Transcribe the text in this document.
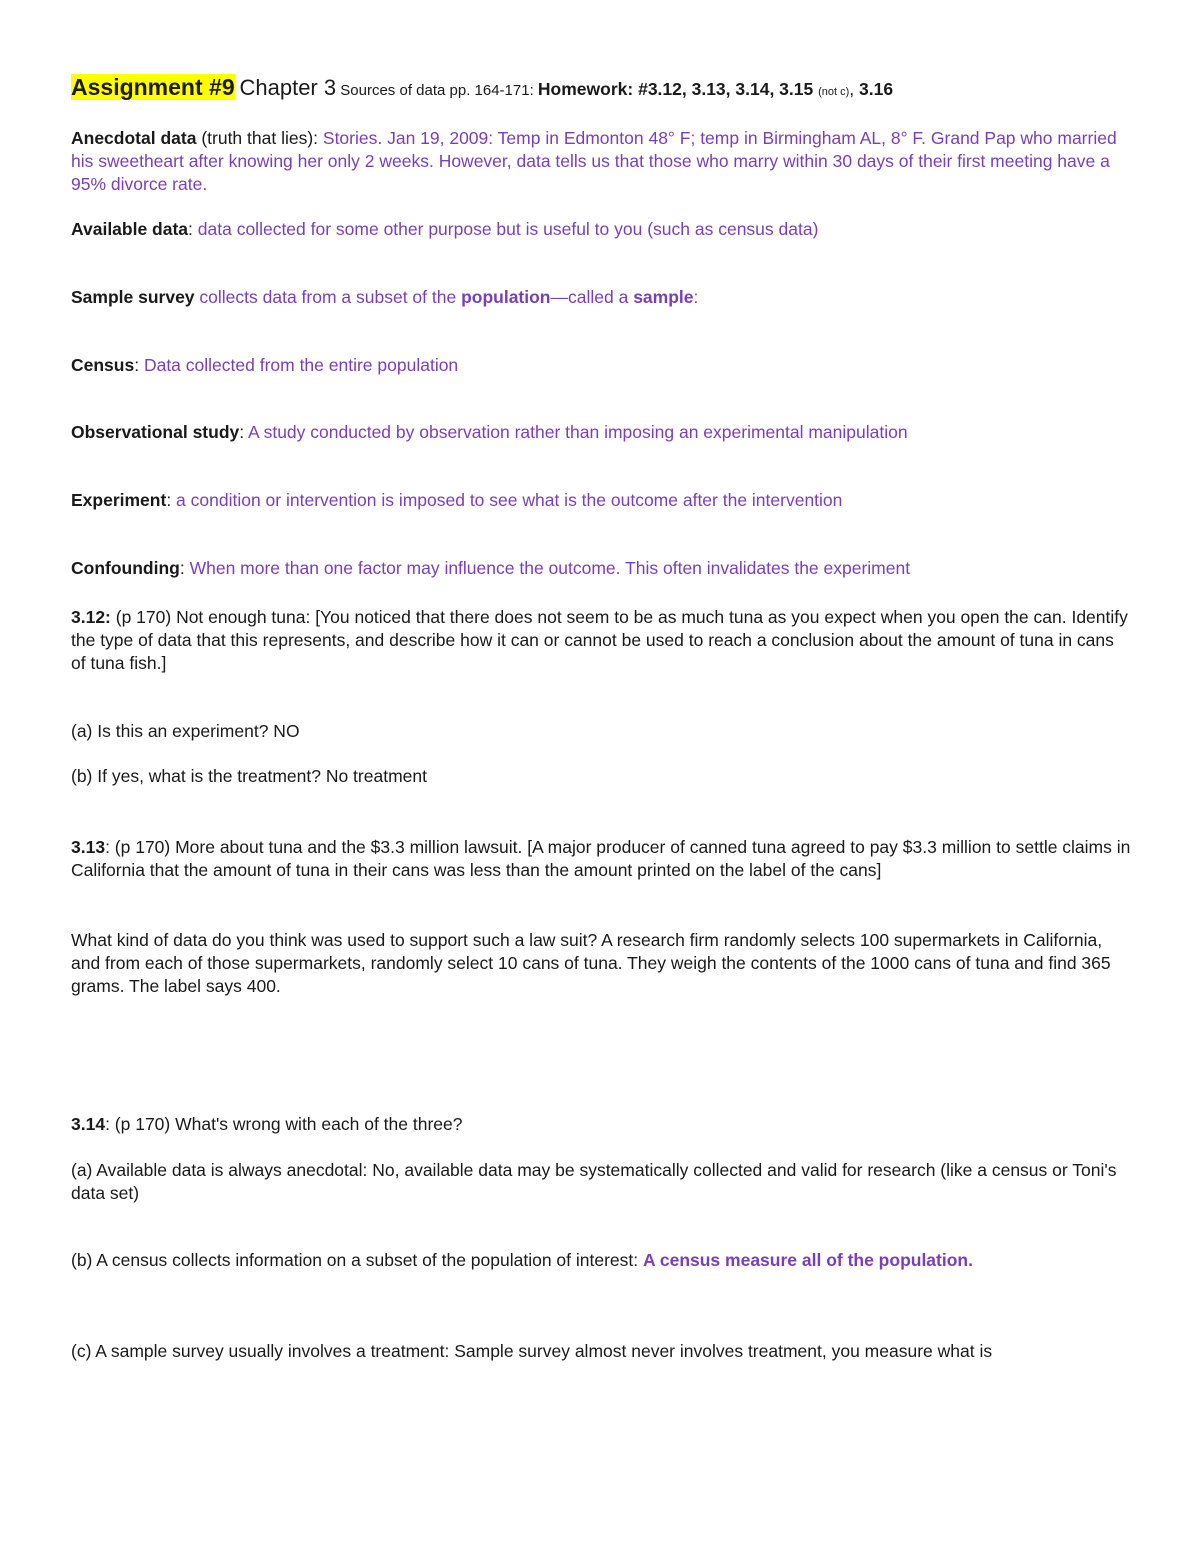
Assignment #9 Chapter 3 Sources of data pp. 164-171: Homework: #3.12, 3.13, 3.14, 3.15 (not c), 3.16
Anecdotal data (truth that lies): Stories. Jan 19, 2009: Temp in Edmonton 48° F; temp in Birmingham AL, 8° F. Grand Pap who married his sweetheart after knowing her only 2 weeks. However, data tells us that those who marry within 30 days of their first meeting have a 95% divorce rate.
Available data: data collected for some other purpose but is useful to you (such as census data)
Sample survey collects data from a subset of the population—called a sample:
Census: Data collected from the entire population
Observational study: A study conducted by observation rather than imposing an experimental manipulation
Experiment: a condition or intervention is imposed to see what is the outcome after the intervention
Confounding: When more than one factor may influence the outcome. This often invalidates the experiment
3.12: (p 170) Not enough tuna: [You noticed that there does not seem to be as much tuna as you expect when you open the can. Identify the type of data that this represents, and describe how it can or cannot be used to reach a conclusion about the amount of tuna in cans of tuna fish.]
(a) Is this an experiment? NO
(b) If yes, what is the treatment? No treatment
3.13: (p 170) More about tuna and the $3.3 million lawsuit. [A major producer of canned tuna agreed to pay $3.3 million to settle claims in California that the amount of tuna in their cans was less than the amount printed on the label of the cans]
What kind of data do you think was used to support such a law suit? A research firm randomly selects 100 supermarkets in California, and from each of those supermarkets, randomly select 10 cans of tuna. They weigh the contents of the 1000 cans of tuna and find 365 grams. The label says 400.
3.14: (p 170) What's wrong with each of the three?
(a) Available data is always anecdotal: No, available data may be systematically collected and valid for research (like a census or Toni's data set)
(b) A census collects information on a subset of the population of interest: A census measure all of the population.
(c) A sample survey usually involves a treatment: Sample survey almost never involves treatment, you measure what is
